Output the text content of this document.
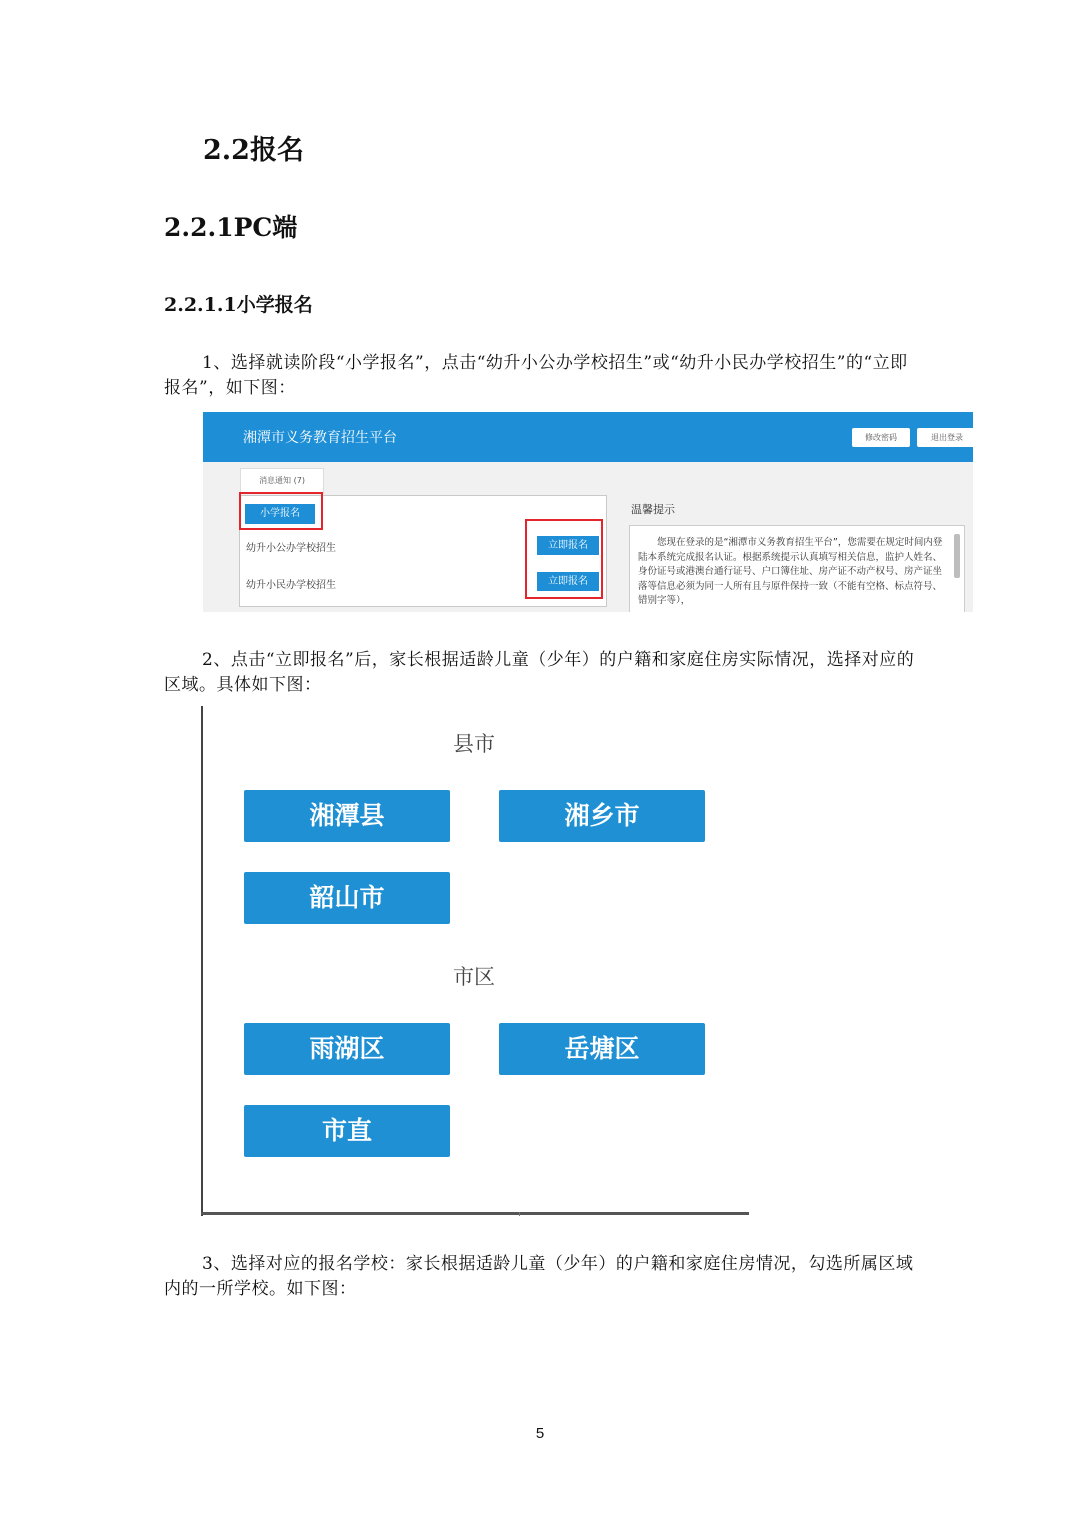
2.2报名
2.2.1PC端
2.2.1.1小学报名

1、选择就读阶段“小学报名”，点击“幼升小公办学校招生”或“幼升小民办学校招生”的“立即报名”，如下图：

湘潭市义务教育招生平台	修改密码	退出登录
消息通知 (7)
小学报名
幼升小公办学校招生	立即报名
幼升小民办学校招生	立即报名
温馨提示

您现在登录的是“湘潭市义务教育招生平台”，您需要在规定时间内登陆本系统完成报名认证。根据系统提示认真填写相关信息，监护人姓名、身份证号或港澳台通行证号、户口簿住址、房产证不动产权号、房产证坐落等信息必须为同一人所有且与原件保持一致（不能有空格、标点符号、错别字等），

2、点击“立即报名”后，家长根据适龄儿童（少年）的户籍和家庭住房实际情况，选择对应的区域。具体如下图：

县市
湘潭县	湘乡市
韶山市
市区
雨湖区	岳塘区
市直

3、选择对应的报名学校：家长根据适龄儿童（少年）的户籍和家庭住房情况，勾选所属区域内的一所学校。如下图：

5
